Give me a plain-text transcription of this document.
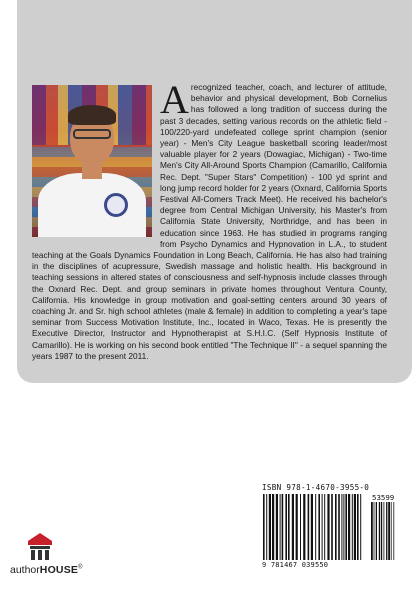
A recognized teacher, coach, and lecturer of attitude, behavior and physical development, Bob Cornelius has followed a long tradition of success during the past 3 decades, setting various records on the athletic field - 100/220-yard undefeated college sprint champion (senior year) - Men's City League basketball scoring leader/most valuable player for 2 years (Dowagiac, Michigan) - Two-time Men's City All-Around Sports Champion (Camarillo, California Rec. Dept. "Super Stars" Competition) - 100 yd sprint and long jump record holder for 2 years (Oxnard, California Sports Festival All-Comers Track Meet). He received his bachelor's degree from Central Michigan University, his Master's from California State University, Northridge, and has been in education since 1963. He has studied in programs ranging from Psycho Dynamics and Hypnovation in L.A., to student teaching at the Goals Dynamics Foundation in Long Beach, California. He has also had training in the disciplines of acupressure, Swedish massage and holistic health. His background in teaching sessions in altered states of consciousness and self-hypnosis include classes through the Oxnard Rec. Dept. and group seminars in private homes throughout Ventura County, California. His knowledge in group motivation and goal-setting centers around 30 years of coaching Jr. and Sr. high school athletes (male & female) in addition to completing a year's tape seminar from Success Motivation Institute, Inc., located in Waco, Texas. He is presently the Executive Director, Instructor and Hypnotherapist at S.H.I.C. (Self Hypnosis Institute of Camarillo). He is working on his second book entitled "The Technique II" - a sequel spanning the years 1987 to the present 2011.
ISBN 978-1-4670-3955-0
53599
9 781467 039550
authorHOUSE®
